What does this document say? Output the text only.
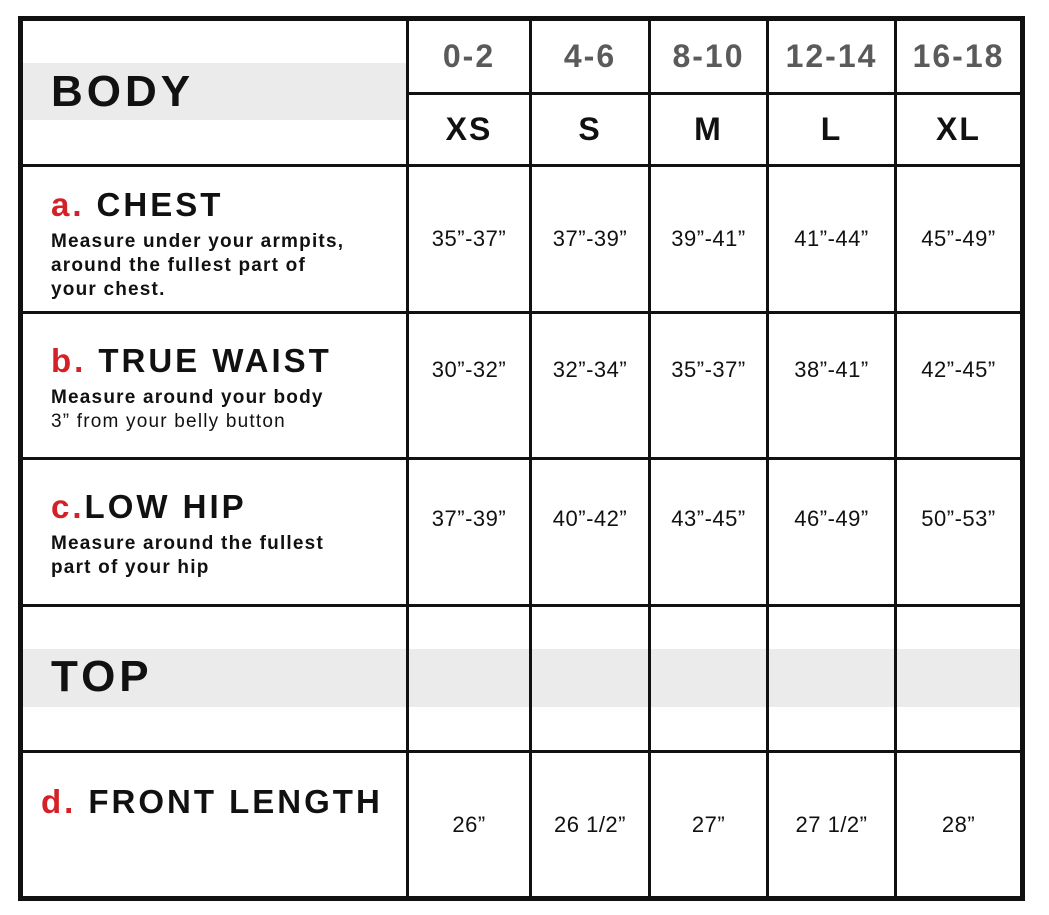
BODY
0-2	4-6	8-10	12-14	16-18
XS	S	M	L	XL
a. CHEST
Measure under your armpits,
around the fullest part of
your chest.
35”-37”	37”-39”	39”-41”	41”-44”	45”-49”
b. TRUE WAIST
Measure around your body
3” from your belly button
30”-32”	32”-34”	35”-37”	38”-41”	42”-45”
c.LOW HIP
Measure around the fullest
part of your hip
37”-39”	40”-42”	43”-45”	46”-49”	50”-53”
TOP
d. FRONT LENGTH
26”	26 1/2”	27”	27 1/2”	28”
